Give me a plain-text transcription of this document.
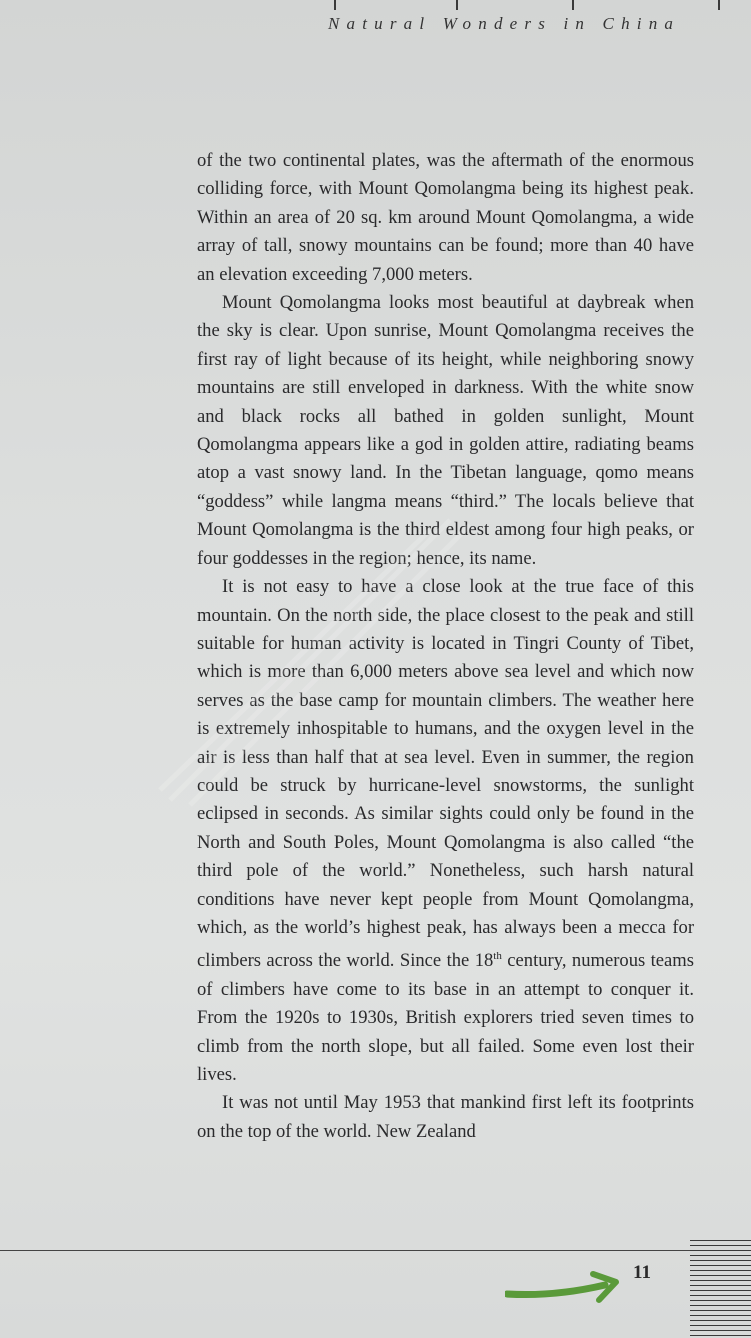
Natural Wonders in China

of the two continental plates, was the aftermath of the enormous colliding force, with Mount Qomolangma being its highest peak. Within an area of 20 sq. km around Mount Qomolangma, a wide array of tall, snowy mountains can be found; more than 40 have an elevation exceeding 7,000 meters.

Mount Qomolangma looks most beautiful at daybreak when the sky is clear. Upon sunrise, Mount Qomolangma receives the first ray of light because of its height, while neighboring snowy mountains are still enveloped in darkness. With the white snow and black rocks all bathed in golden sunlight, Mount Qomolangma appears like a god in golden attire, radiating beams atop a vast snowy land. In the Tibetan language, qomo means “goddess” while langma means “third.” The locals believe that Mount Qomolangma is the third eldest among four high peaks, or four goddesses in the region; hence, its name.

It is not easy to have a close look at the true face of this mountain. On the north side, the place closest to the peak and still suitable for human activity is located in Tingri County of Tibet, which is more than 6,000 meters above sea level and which now serves as the base camp for mountain climbers. The weather here is extremely inhospitable to humans, and the oxygen level in the air is less than half that at sea level. Even in summer, the region could be struck by hurricane-level snowstorms, the sunlight eclipsed in seconds. As similar sights could only be found in the North and South Poles, Mount Qomolangma is also called “the third pole of the world.” Nonetheless, such harsh natural conditions have never kept people from Mount Qomolangma, which, as the world’s highest peak, has always been a mecca for climbers across the world. Since the 18th century, numerous teams of climbers have come to its base in an attempt to conquer it. From the 1920s to 1930s, British explorers tried seven times to climb from the north slope, but all failed. Some even lost their lives.

It was not until May 1953 that mankind first left its footprints on the top of the world. New Zealand

11
